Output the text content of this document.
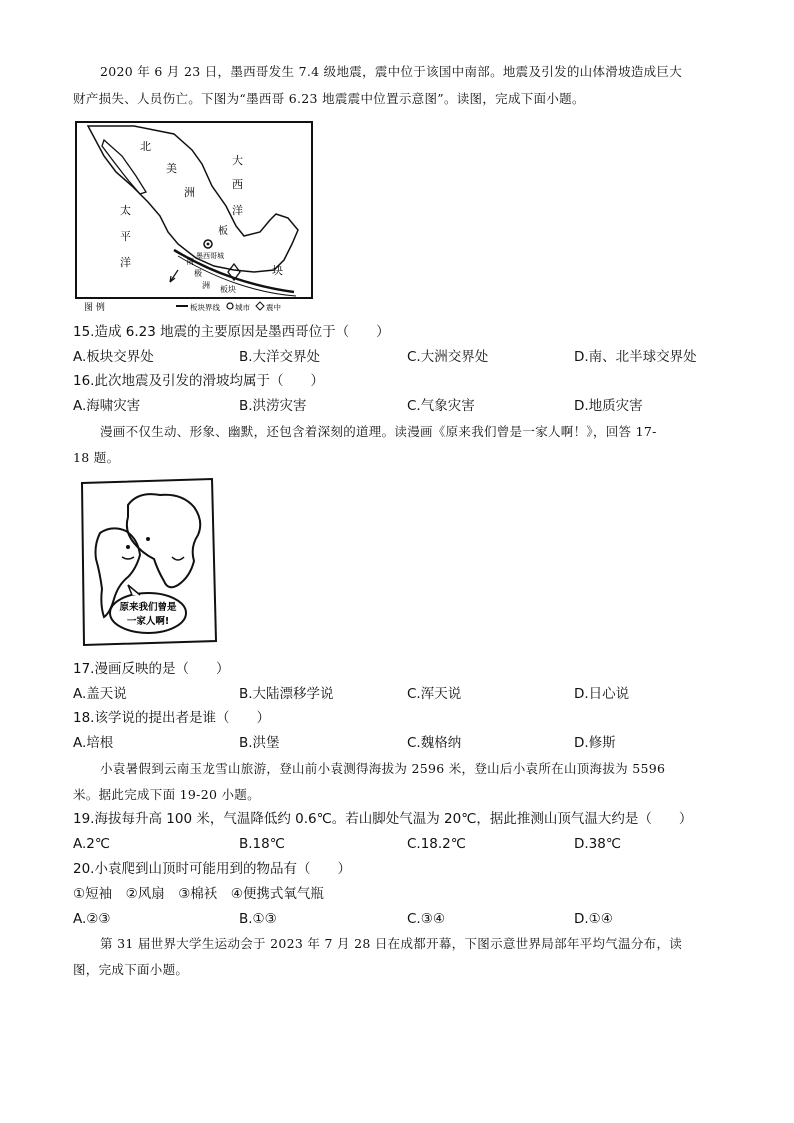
2020 年 6 月 23 日，墨西哥发生 7.4 级地震，震中位于该国中南部。地震及引发的山体滑坡造成巨大
财产损失、人员伤亡。下图为“墨西哥 6.23 地震震中位置示意图”。读图，完成下面小题。
北
美
洲
大
西
洋
太
平
洋
板
块
墨西哥城
南
极
洲 板块
图 例	板块界线 城市 震中
15.造成 6.23 地震的主要原因是墨西哥位于（　　）
A.板块交界处	B.大洋交界处	C.大洲交界处	D.南、北半球交界处
16.此次地震及引发的滑坡均属于（　　）
A.海啸灾害	B.洪涝灾害	C.气象灾害	D.地质灾害
漫画不仅生动、形象、幽默，还包含着深刻的道理。读漫画《原来我们曾是一家人啊！》，回答 17-
18 题。
原来我们曾是
一家人啊!
17.漫画反映的是（　　）
A.盖天说	B.大陆漂移学说	C.浑天说	D.日心说
18.该学说的提出者是谁（　　）
A.培根	B.洪堡	C.魏格纳	D.修斯
小袁暑假到云南玉龙雪山旅游，登山前小袁测得海拔为 2596 米，登山后小袁所在山顶海拔为 5596
米。据此完成下面 19-20 小题。
19.海拔每升高 100 米，气温降低约 0.6℃。若山脚处气温为 20℃，据此推测山顶气温大约是（　　）
A.2℃	B.18℃	C.18.2℃	D.38℃
20.小袁爬到山顶时可能用到的物品有（　　）
①短袖　②风扇　③棉袄　④便携式氧气瓶
A.②③	B.①③	C.③④	D.①④
第 31 届世界大学生运动会于 2023 年 7 月 28 日在成都开幕，下图示意世界局部年平均气温分布，读
图，完成下面小题。
